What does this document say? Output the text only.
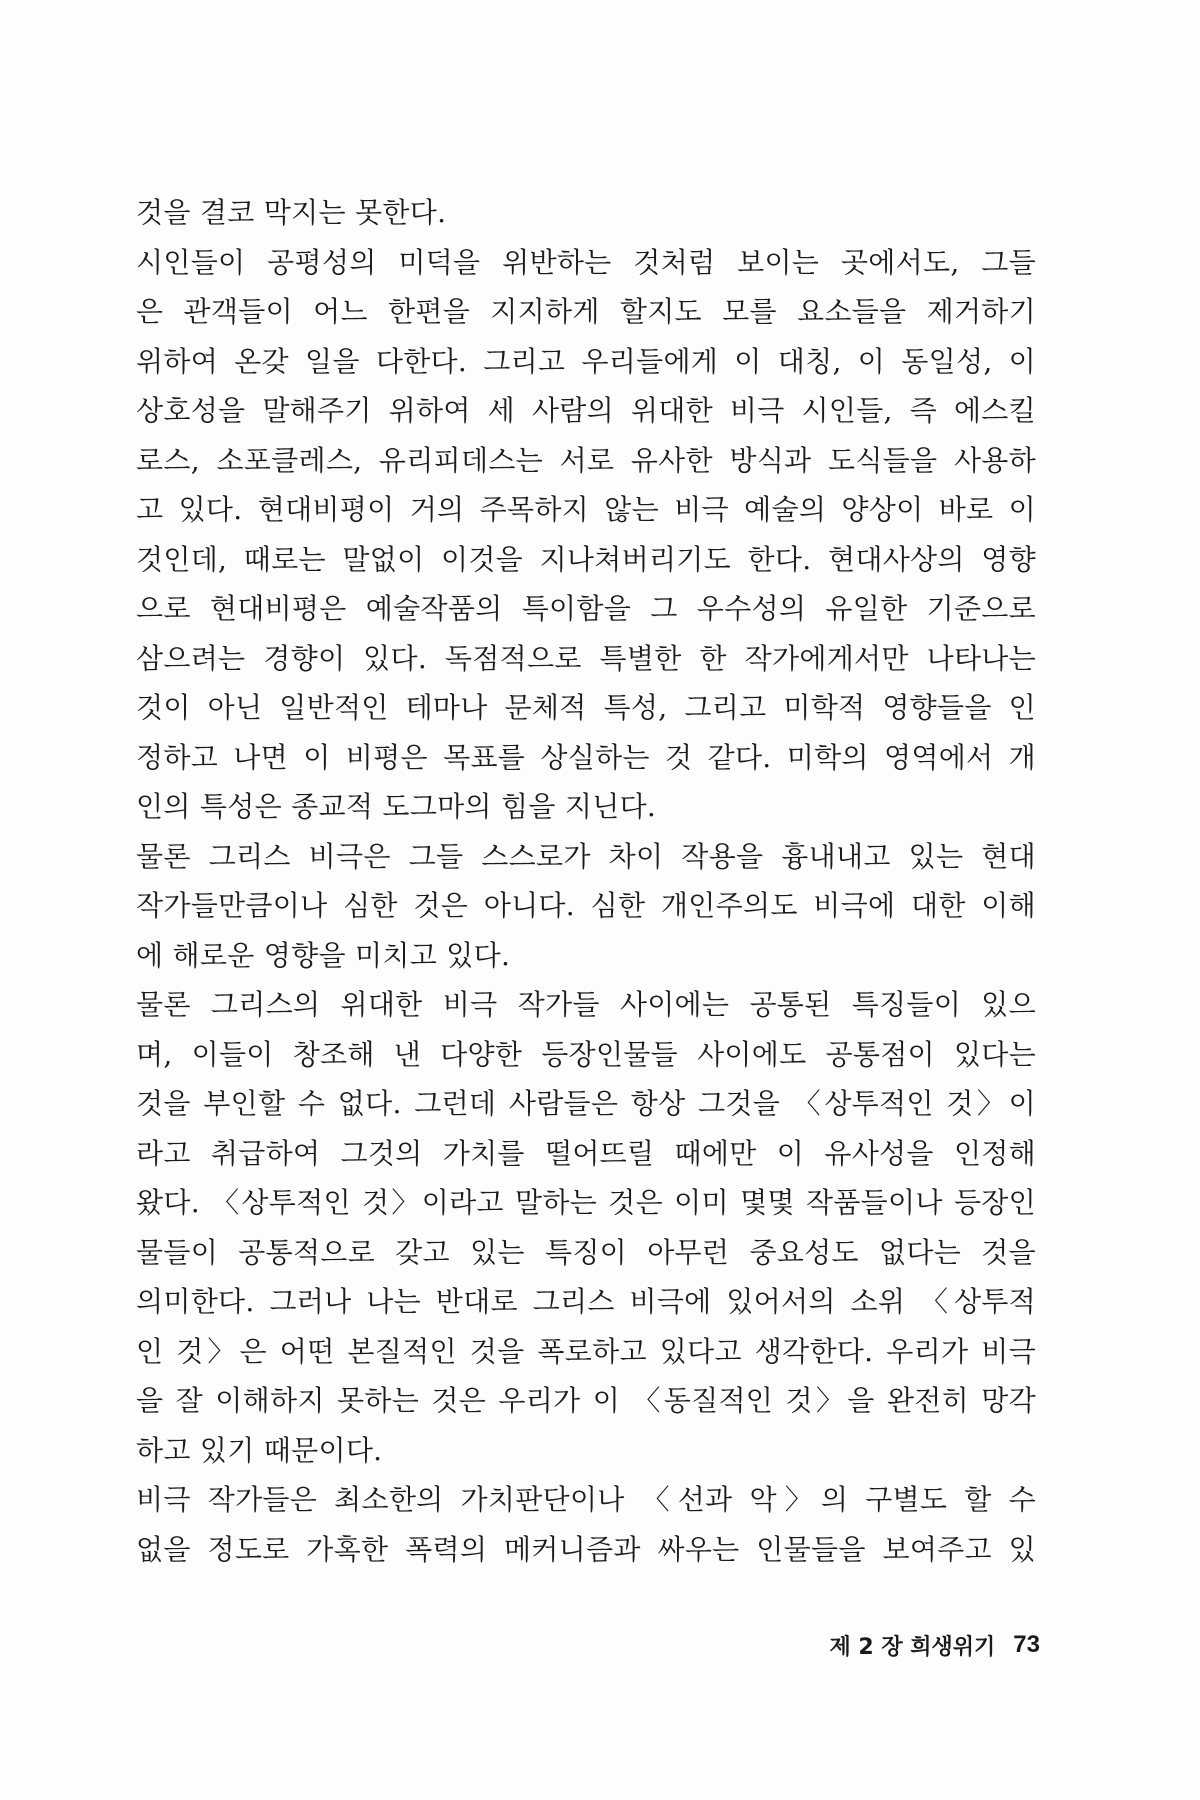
것을 결코 막지는 못한다.
시인들이 공평성의 미덕을 위반하는 것처럼 보이는 곳에서도, 그들
은 관객들이 어느 한편을 지지하게 할지도 모를 요소들을 제거하기
위하여 온갖 일을 다한다. 그리고 우리들에게 이 대칭, 이 동일성, 이
상호성을 말해주기 위하여 세 사람의 위대한 비극 시인들, 즉 에스킬
로스, 소포클레스, 유리피데스는 서로 유사한 방식과 도식들을 사용하
고 있다. 현대비평이 거의 주목하지 않는 비극 예술의 양상이 바로 이
것인데, 때로는 말없이 이것을 지나쳐버리기도 한다. 현대사상의 영향
으로 현대비평은 예술작품의 특이함을 그 우수성의 유일한 기준으로
삼으려는 경향이 있다. 독점적으로 특별한 한 작가에게서만 나타나는
것이 아닌 일반적인 테마나 문체적 특성, 그리고 미학적 영향들을 인
정하고 나면 이 비평은 목표를 상실하는 것 같다. 미학의 영역에서 개
인의 특성은 종교적 도그마의 힘을 지닌다.
물론 그리스 비극은 그들 스스로가 차이 작용을 흉내내고 있는 현대
작가들만큼이나 심한 것은 아니다. 심한 개인주의도 비극에 대한 이해
에 해로운 영향을 미치고 있다.
물론 그리스의 위대한 비극 작가들 사이에는 공통된 특징들이 있으
며, 이들이 창조해 낸 다양한 등장인물들 사이에도 공통점이 있다는
것을 부인할 수 없다. 그런데 사람들은 항상 그것을 〈상투적인 것〉이
라고 취급하여 그것의 가치를 떨어뜨릴 때에만 이 유사성을 인정해
왔다. 〈상투적인 것〉이라고 말하는 것은 이미 몇몇 작품들이나 등장인
물들이 공통적으로 갖고 있는 특징이 아무런 중요성도 없다는 것을
의미한다. 그러나 나는 반대로 그리스 비극에 있어서의 소위 〈상투적
인 것〉은 어떤 본질적인 것을 폭로하고 있다고 생각한다. 우리가 비극
을 잘 이해하지 못하는 것은 우리가 이 〈동질적인 것〉을 완전히 망각
하고 있기 때문이다.
비극 작가들은 최소한의 가치판단이나 〈선과 악〉의 구별도 할 수
없을 정도로 가혹한 폭력의 메커니즘과 싸우는 인물들을 보여주고 있
제 2 장 희생위기 73
